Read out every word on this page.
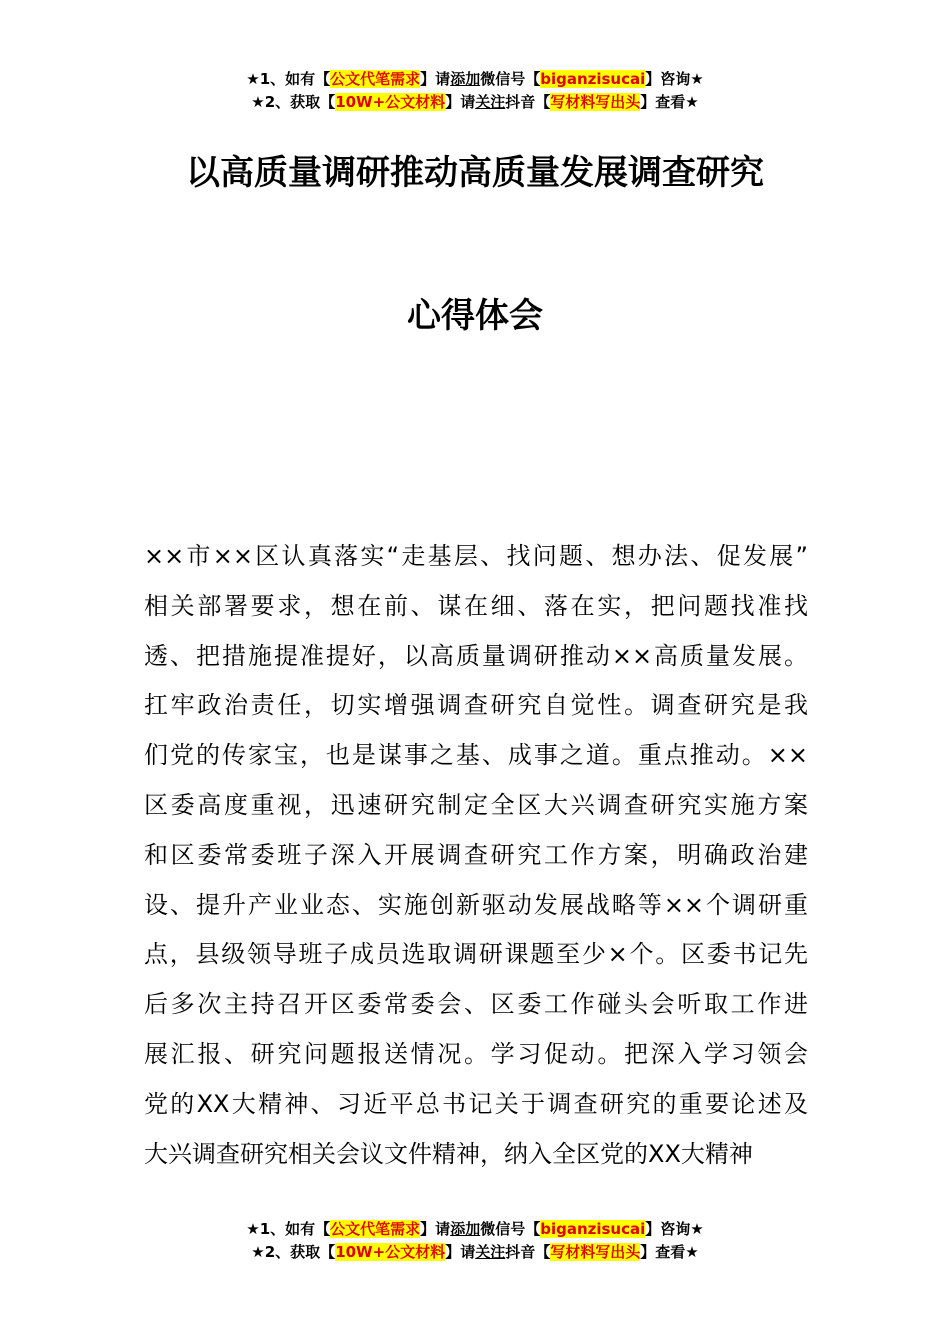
★1、如有【公文代笔需求】请添加微信号【biganzisucai】咨询★
★2、获取【10W+公文材料】请关注抖音【写材料写出头】查看★
以高质量调研推动高质量发展调查研究
心得体会

××市××区认真落实“走基层、找问题、想办法、促发展”

相关部署要求，想在前、谋在细、落在实，把问题找准找

透、把措施提准提好，以高质量调研推动××高质量发展。

扛牢政治责任，切实增强调查研究自觉性。调查研究是我

们党的传家宝，也是谋事之基、成事之道。重点推动。××

区委高度重视，迅速研究制定全区大兴调查研究实施方案

和区委常委班子深入开展调查研究工作方案，明确政治建

设、提升产业业态、实施创新驱动发展战略等××个调研重

点，县级领导班子成员选取调研课题至少×个。区委书记先

后多次主持召开区委常委会、区委工作碰头会听取工作进

展汇报、研究问题报送情况。学习促动。把深入学习领会

党的XX大精神、习近平总书记关于调查研究的重要论述及

大兴调查研究相关会议文件精神，纳入全区党的XX大精神

★1、如有【公文代笔需求】请添加微信号【biganzisucai】咨询★
★2、获取【10W+公文材料】请关注抖音【写材料写出头】查看★
